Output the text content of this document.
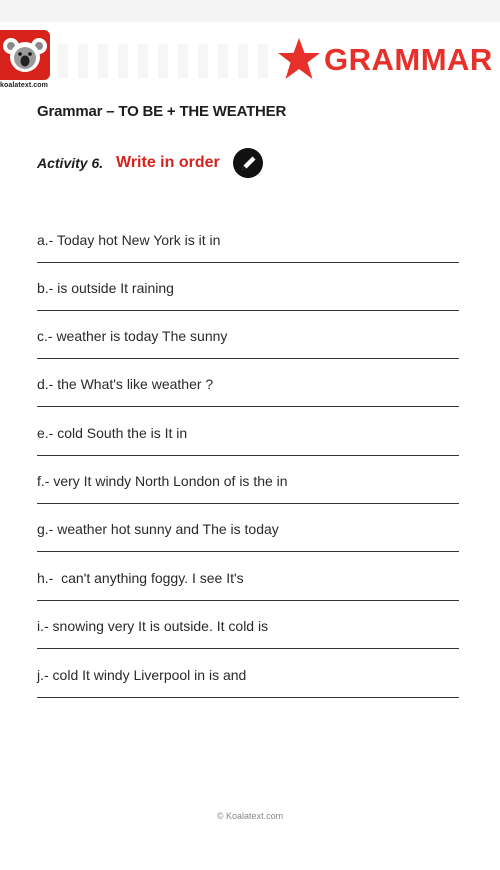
koalatext.com
GRAMMAR
Grammar – TO BE + THE WEATHER
Activity 6. Write in order
a.- Today hot New York is it in
b.- is outside It raining
c.- weather is today The sunny
d.- the What's like weather ?
e.- cold South the is It in
f.- very It windy North London of is the in
g.- weather hot sunny and The is today
h.-  can't anything foggy. I see It's
i.- snowing very It is outside. It cold is
j.- cold It windy Liverpool in is and
© Koalatext.com
